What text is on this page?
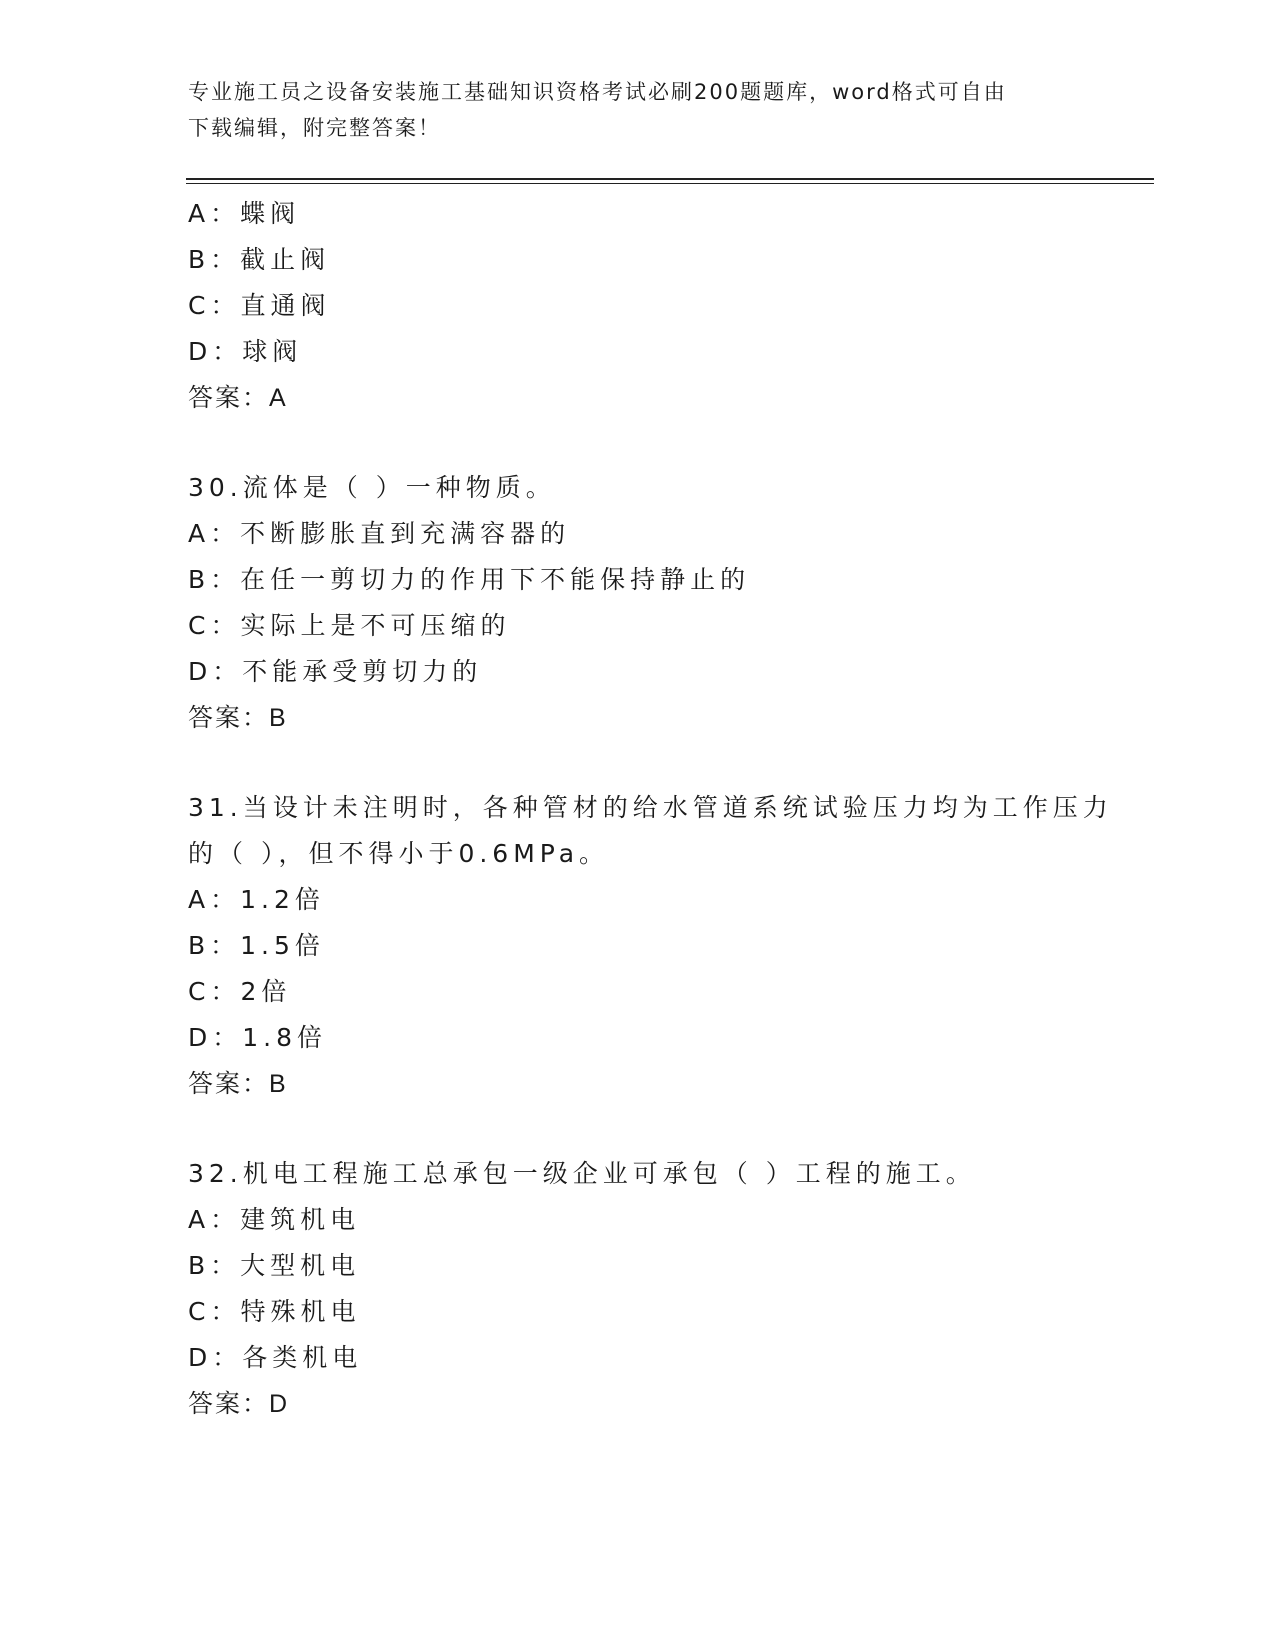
专业施工员之设备安装施工基础知识资格考试必刷200题题库，word格式可自由
下载编辑，附完整答案！
A：蝶阀
B：截止阀
C：直通阀
D：球阀
答案：A
30.流体是（ ）一种物质。
A：不断膨胀直到充满容器的
B：在任一剪切力的作用下不能保持静止的
C：实际上是不可压缩的
D：不能承受剪切力的
答案：B
31.当设计未注明时，各种管材的给水管道系统试验压力均为工作压力
的（ ），但不得小于0.6MPa。
A：1.2倍
B：1.5倍
C：2倍
D：1.8倍
答案：B
32.机电工程施工总承包一级企业可承包（ ）工程的施工。
A：建筑机电
B：大型机电
C：特殊机电
D：各类机电
答案：D
